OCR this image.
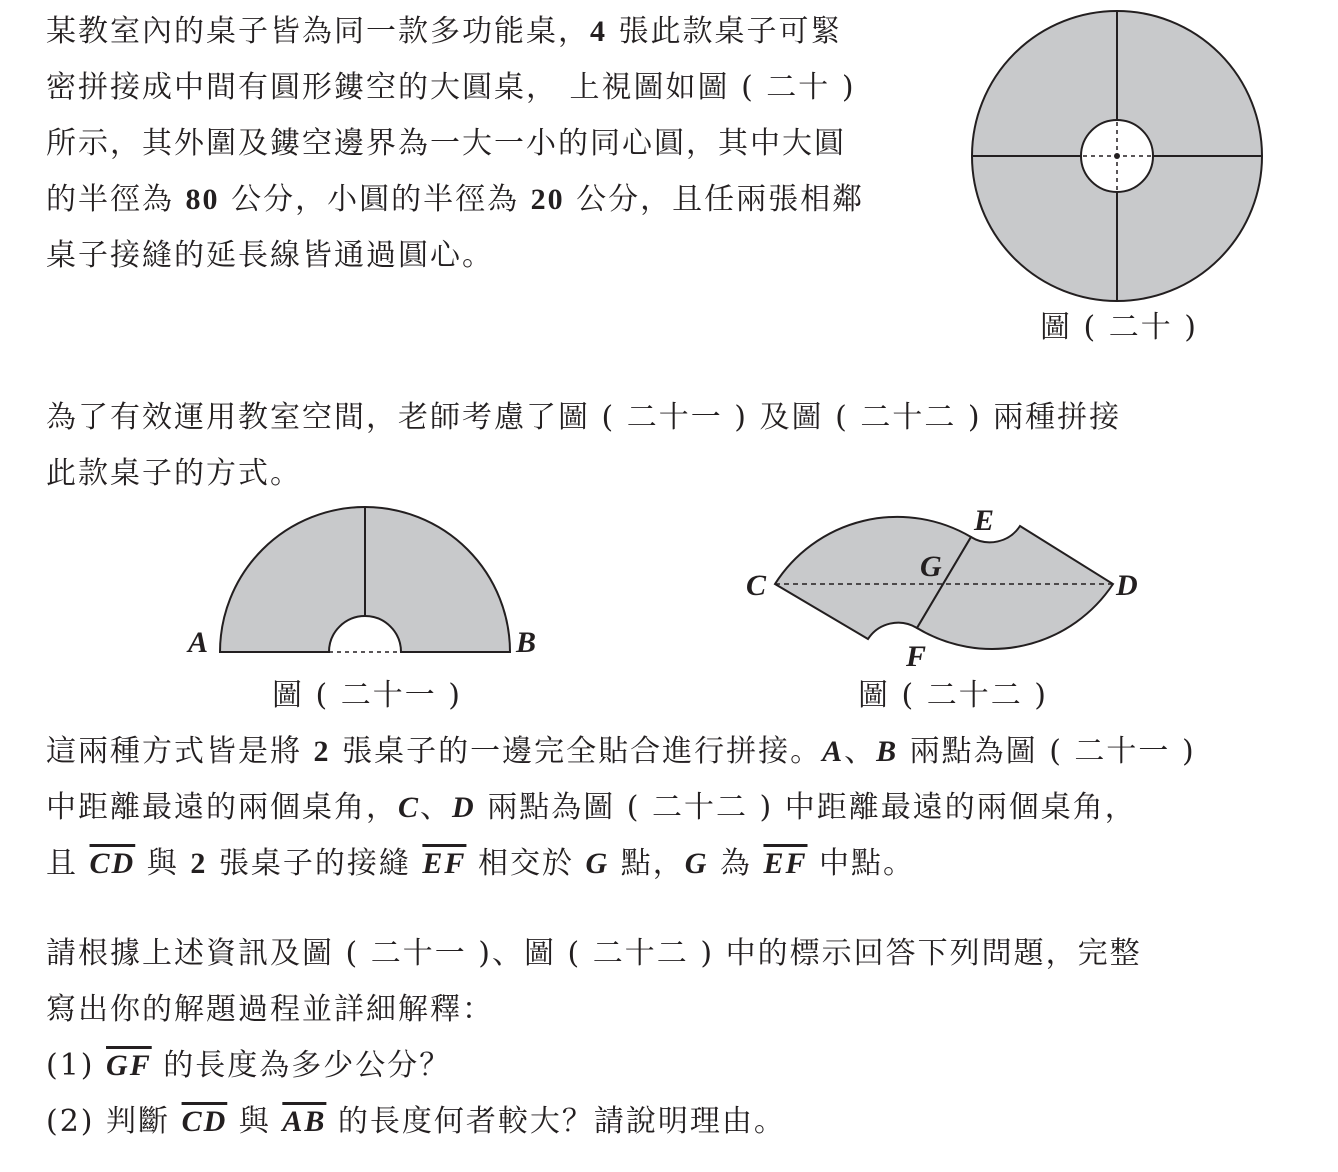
某教室內的桌子皆為同一款多功能桌，4 張此款桌子可緊
密拼接成中間有圓形鏤空的大圓桌， 上視圖如圖 ( 二十 )
所示，其外圍及鏤空邊界為一大一小的同心圓，其中大圓
的半徑為 80 公分，小圓的半徑為 20 公分，且任兩張相鄰
桌子接縫的延長線皆通過圓心。
圖 ( 二十 )
為了有效運用教室空間，老師考慮了圖 ( 二十一 ) 及圖 ( 二十二 ) 兩種拼接
此款桌子的方式。
A	B
圖 ( 二十一 )
C	D
E
F
G
圖 ( 二十二 )
這兩種方式皆是將 2 張桌子的一邊完全貼合進行拼接。A、B 兩點為圖 ( 二十一 )
中距離最遠的兩個桌角，C、D 兩點為圖 ( 二十二 ) 中距離最遠的兩個桌角，
且 $\overline{CD}$ 與 2 張桌子的接縫 $\overline{EF}$ 相交於 G 點，G 為 $\overline{EF}$ 中點。
請根據上述資訊及圖 ( 二十一 )、圖 ( 二十二 ) 中的標示回答下列問題，完整
寫出你的解題過程並詳細解釋：
(1) $\overline{GF}$ 的長度為多少公分？
(2) 判斷 $\overline{CD}$ 與 $\overline{AB}$ 的長度何者較大？請說明理由。
